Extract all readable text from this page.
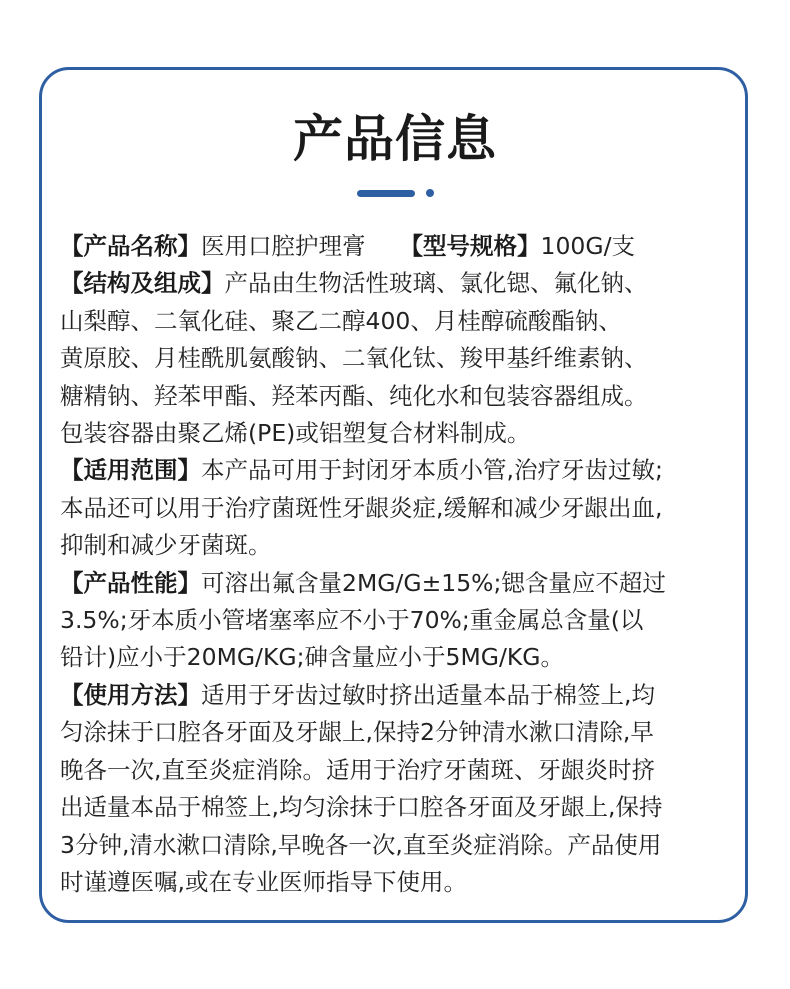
产品信息

【产品名称】医用口腔护理膏 【型号规格】100G/支

【结构及组成】产品由生物活性玻璃、氯化锶、氟化钠、

山梨醇、二氧化硅、聚乙二醇400、月桂醇硫酸酯钠、

黄原胶、月桂酰肌氨酸钠、二氧化钛、羧甲基纤维素钠、

糖精钠、羟苯甲酯、羟苯丙酯、纯化水和包装容器组成。

包装容器由聚乙烯(PE)或铝塑复合材料制成。

【适用范围】本产品可用于封闭牙本质小管,治疗牙齿过敏;

本品还可以用于治疗菌斑性牙龈炎症,缓解和减少牙龈出血,

抑制和减少牙菌斑。

【产品性能】可溶出氟含量2MG/G±15%;锶含量应不超过

3.5%;牙本质小管堵塞率应不小于70%;重金属总含量(以

铅计)应小于20MG/KG;砷含量应小于5MG/KG。

【使用方法】适用于牙齿过敏时挤出适量本品于棉签上,均

匀涂抹于口腔各牙面及牙龈上,保持2分钟清水漱口清除,早

晚各一次,直至炎症消除。适用于治疗牙菌斑、牙龈炎时挤

出适量本品于棉签上,均匀涂抹于口腔各牙面及牙龈上,保持

3分钟,清水漱口清除,早晚各一次,直至炎症消除。产品使用

时谨遵医嘱,或在专业医师指导下使用。
